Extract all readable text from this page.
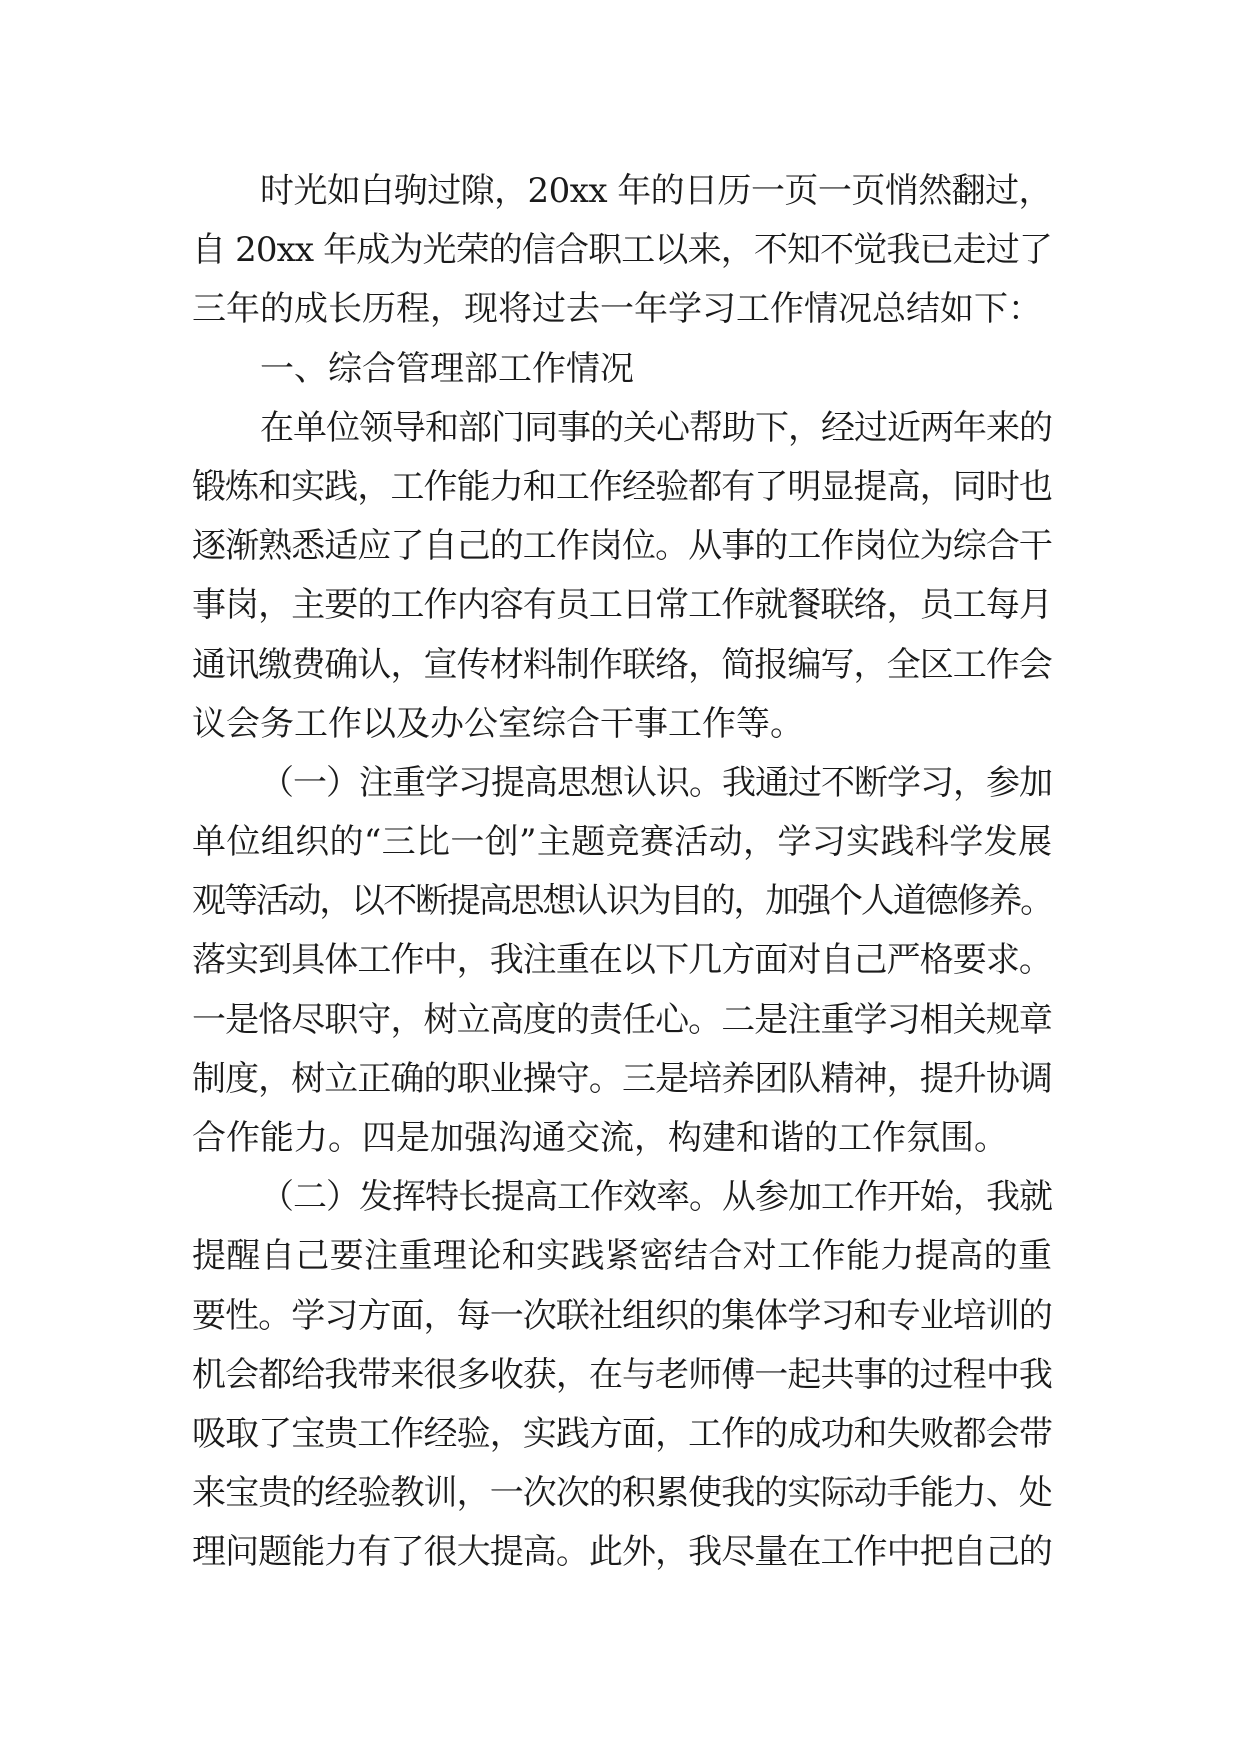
时光如白驹过隙，20xx 年的日历一页一页悄然翻过，
自 20xx 年成为光荣的信合职工以来，不知不觉我已走过了
三年的成长历程，现将过去一年学习工作情况总结如下：
一、综合管理部工作情况
在单位领导和部门同事的关心帮助下，经过近两年来的
锻炼和实践，工作能力和工作经验都有了明显提高，同时也
逐渐熟悉适应了自己的工作岗位。从事的工作岗位为综合干
事岗，主要的工作内容有员工日常工作就餐联络，员工每月
通讯缴费确认，宣传材料制作联络，简报编写，全区工作会
议会务工作以及办公室综合干事工作等。
（一）注重学习提高思想认识。我通过不断学习，参加
单位组织的“三比一创”主题竞赛活动，学习实践科学发展
观等活动，以不断提高思想认识为目的，加强个人道德修养。
落实到具体工作中，我注重在以下几方面对自己严格要求。
一是恪尽职守，树立高度的责任心。二是注重学习相关规章
制度，树立正确的职业操守。三是培养团队精神，提升协调
合作能力。四是加强沟通交流，构建和谐的工作氛围。
（二）发挥特长提高工作效率。从参加工作开始，我就
提醒自己要注重理论和实践紧密结合对工作能力提高的重
要性。学习方面，每一次联社组织的集体学习和专业培训的
机会都给我带来很多收获，在与老师傅一起共事的过程中我
吸取了宝贵工作经验，实践方面，工作的成功和失败都会带
来宝贵的经验教训，一次次的积累使我的实际动手能力、处
理问题能力有了很大提高。此外，我尽量在工作中把自己的
